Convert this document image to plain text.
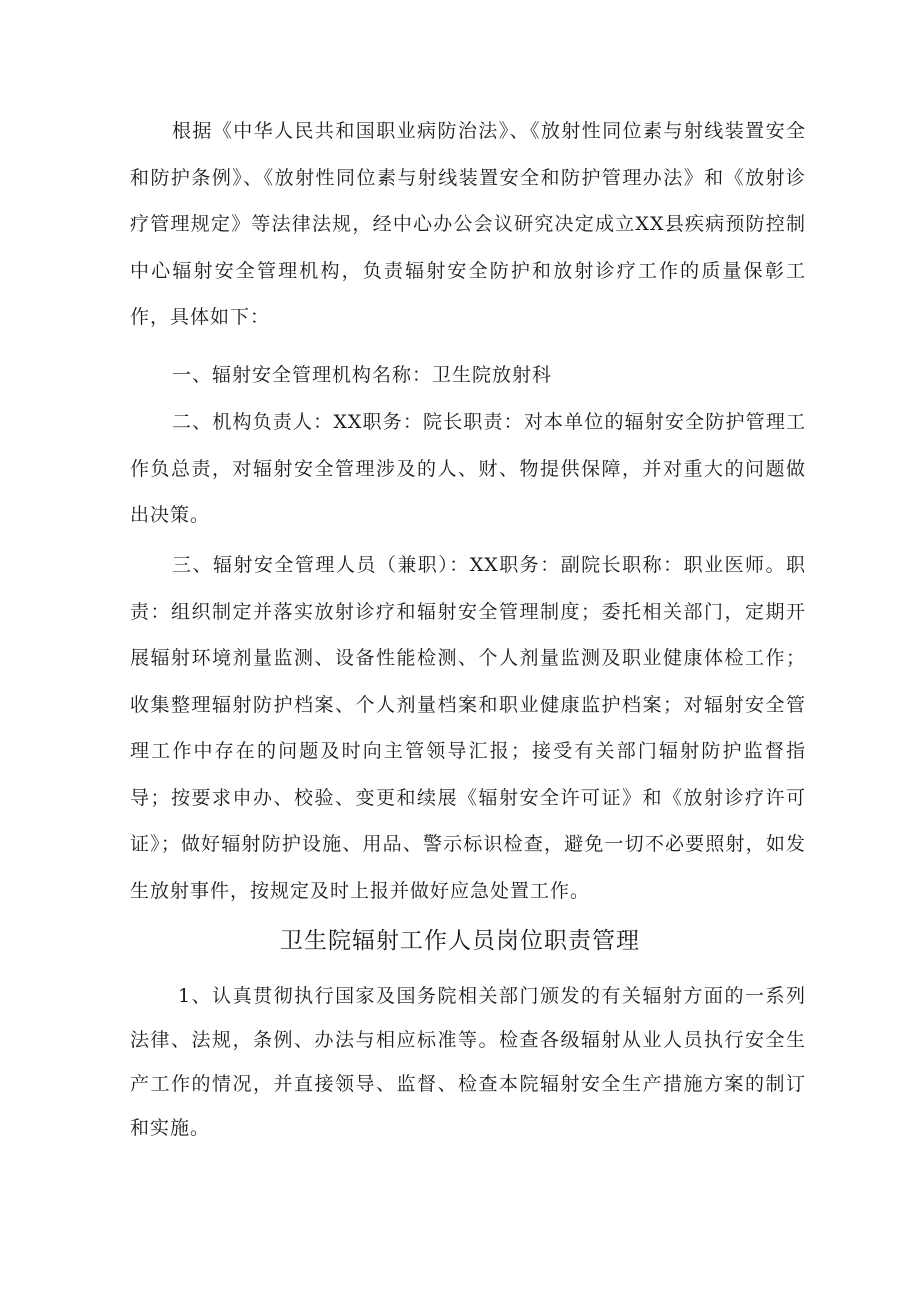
根据《中华人民共和国职业病防治法》、《放射性同位素与射线装置安全和防护条例》、《放射性同位素与射线装置安全和防护管理办法》和《放射诊疗管理规定》等法律法规，经中心办公会议研究决定成立XX县疾病预防控制中心辐射安全管理机构，负责辐射安全防护和放射诊疗工作的质量保彰工作，具体如下：

一、辐射安全管理机构名称：卫生院放射科

二、机构负责人：XX职务：院长职责：对本单位的辐射安全防护管理工作负总责，对辐射安全管理涉及的人、财、物提供保障，并对重大的问题做出决策。

三、辐射安全管理人员（兼职）：XX职务：副院长职称：职业医师。职责：组织制定并落实放射诊疗和辐射安全管理制度；委托相关部门，定期开展辐射环境剂量监测、设备性能检测、个人剂量监测及职业健康体检工作；收集整理辐射防护档案、个人剂量档案和职业健康监护档案；对辐射安全管理工作中存在的问题及时向主管领导汇报；接受有关部门辐射防护监督指导；按要求申办、校验、变更和续展《辐射安全许可证》和《放射诊疗许可证》；做好辐射防护设施、用品、警示标识检查，避免一切不必要照射，如发生放射事件，按规定及时上报并做好应急处置工作。

卫生院辐射工作人员岗位职责管理

1、认真贯彻执行国家及国务院相关部门颁发的有关辐射方面的一系列法律、法规，条例、办法与相应标准等。检查各级辐射从业人员执行安全生产工作的情况，并直接领导、监督、检查本院辐射安全生产措施方案的制订和实施。
